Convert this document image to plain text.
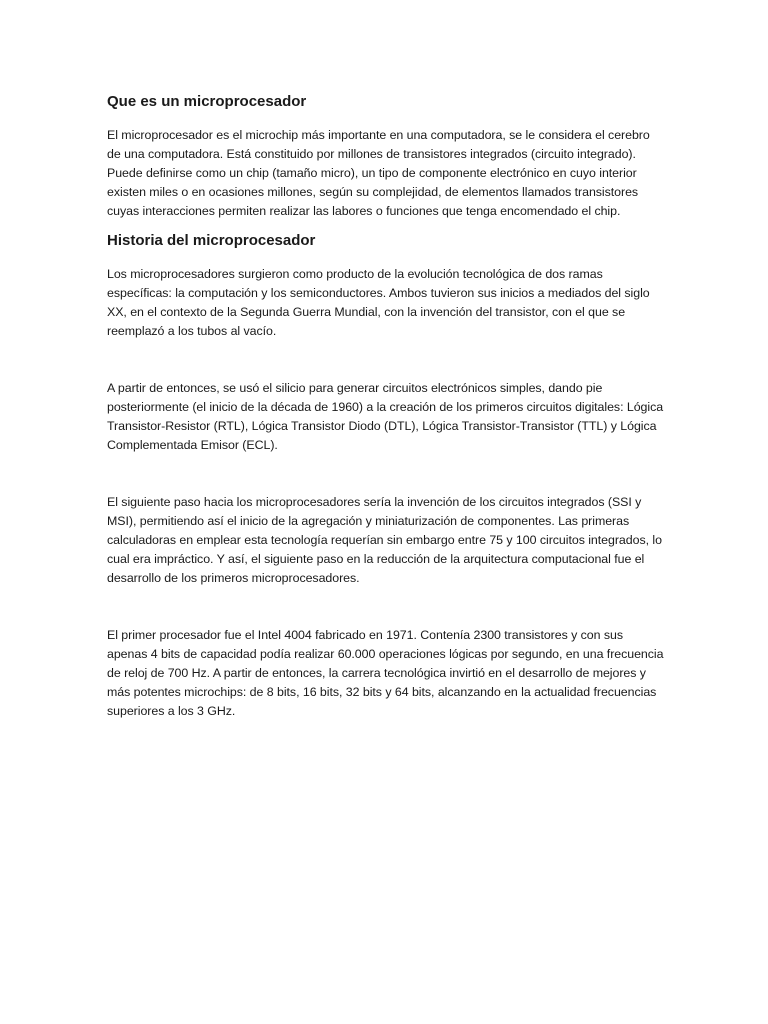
Que es un microprocesador

El microprocesador es el microchip más importante en una computadora, se le considera el cerebro de una computadora. Está constituido por millones de transistores integrados (circuito integrado). Puede definirse como un chip (tamaño micro), un tipo de componente electrónico en cuyo interior existen miles o en ocasiones millones, según su complejidad, de elementos llamados transistores cuyas interacciones permiten realizar las labores o funciones que tenga encomendado el chip.

Historia del microprocesador

Los microprocesadores surgieron como producto de la evolución tecnológica de dos ramas específicas: la computación y los semiconductores. Ambos tuvieron sus inicios a mediados del siglo XX, en el contexto de la Segunda Guerra Mundial, con la invención del transistor, con el que se reemplazó a los tubos al vacío.

A partir de entonces, se usó el silicio para generar circuitos electrónicos simples, dando pie posteriormente (el inicio de la década de 1960) a la creación de los primeros circuitos digitales: Lógica Transistor-Resistor (RTL), Lógica Transistor Diodo (DTL), Lógica Transistor-Transistor (TTL) y Lógica Complementada Emisor (ECL).

El siguiente paso hacia los microprocesadores sería la invención de los circuitos integrados (SSI y MSI), permitiendo así el inicio de la agregación y miniaturización de componentes. Las primeras calculadoras en emplear esta tecnología requerían sin embargo entre 75 y 100 circuitos integrados, lo cual era impráctico. Y así, el siguiente paso en la reducción de la arquitectura computacional fue el desarrollo de los primeros microprocesadores.

El primer procesador fue el Intel 4004 fabricado en 1971. Contenía 2300 transistores y con sus apenas 4 bits de capacidad podía realizar 60.000 operaciones lógicas por segundo, en una frecuencia de reloj de 700 Hz. A partir de entonces, la carrera tecnológica invirtió en el desarrollo de mejores y más potentes microchips: de 8 bits, 16 bits, 32 bits y 64 bits, alcanzando en la actualidad frecuencias superiores a los 3 GHz.
